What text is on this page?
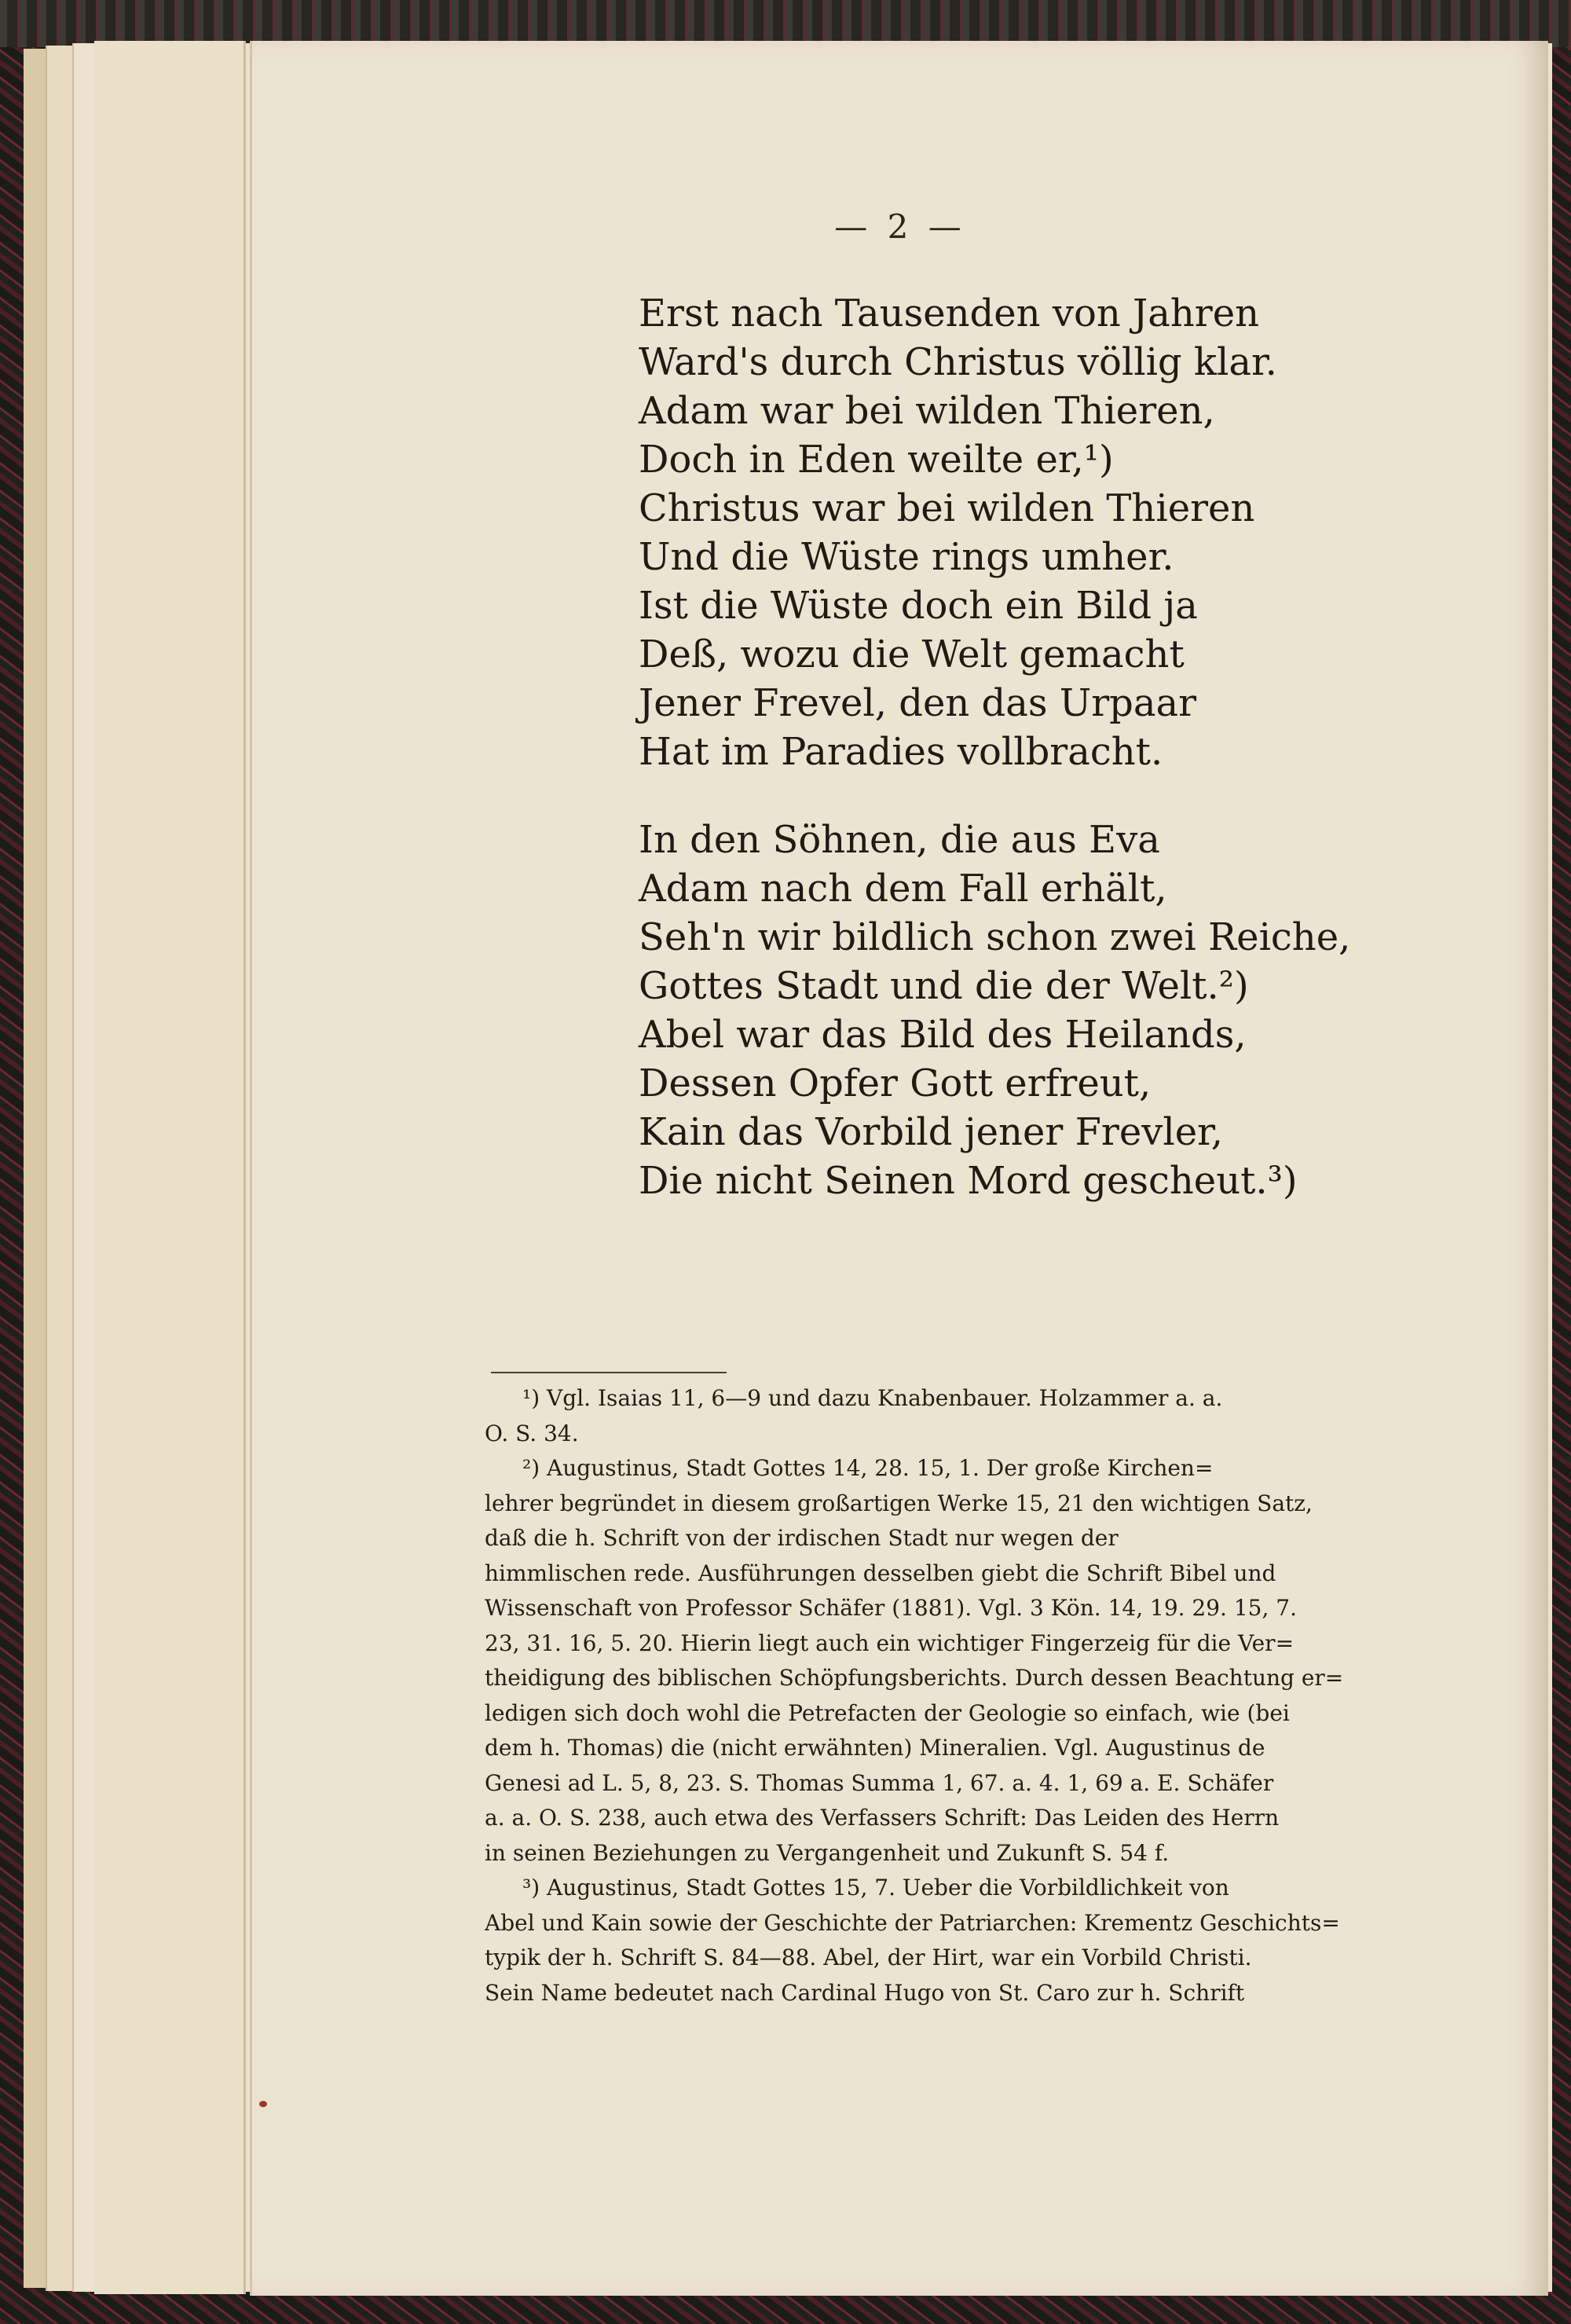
— 2 —
Erst nach Tausenden von Jahren
Ward's durch Christus völlig klar.
Adam war bei wilden Thieren,
Doch in Eden weilte er,¹)
Christus war bei wilden Thieren
Und die Wüste rings umher.
Ist die Wüste doch ein Bild ja
Deß, wozu die Welt gemacht
Jener Frevel, den das Urpaar
Hat im Paradies vollbracht.
In den Söhnen, die aus Eva
Adam nach dem Fall erhält,
Seh'n wir bildlich schon zwei Reiche,
Gottes Stadt und die der Welt.²)
Abel war das Bild des Heilands,
Dessen Opfer Gott erfreut,
Kain das Vorbild jener Frevler,
Die nicht Seinen Mord gescheut.³)
¹) Vgl. Isaias 11, 6—9 und dazu Knabenbauer. Holzammer a. a.
O. S. 34.
²) Augustinus, Stadt Gottes 14, 28. 15, 1. Der große Kirchen=
lehrer begründet in diesem großartigen Werke 15, 21 den wichtigen Satz,
daß die h. Schrift von der irdischen Stadt nur wegen der
himmlischen rede. Ausführungen desselben giebt die Schrift Bibel und
Wissenschaft von Professor Schäfer (1881). Vgl. 3 Kön. 14, 19. 29. 15, 7.
23, 31. 16, 5. 20. Hierin liegt auch ein wichtiger Fingerzeig für die Ver=
theidigung des biblischen Schöpfungsberichts. Durch dessen Beachtung er=
ledigen sich doch wohl die Petrefacten der Geologie so einfach, wie (bei
dem h. Thomas) die (nicht erwähnten) Mineralien. Vgl. Augustinus de
Genesi ad L. 5, 8, 23. S. Thomas Summa 1, 67. a. 4. 1, 69 a. E. Schäfer
a. a. O. S. 238, auch etwa des Verfassers Schrift: Das Leiden des Herrn
in seinen Beziehungen zu Vergangenheit und Zukunft S. 54 f.
³) Augustinus, Stadt Gottes 15, 7. Ueber die Vorbildlichkeit von
Abel und Kain sowie der Geschichte der Patriarchen: Krementz Geschichts=
typik der h. Schrift S. 84—88. Abel, der Hirt, war ein Vorbild Christi.
Sein Name bedeutet nach Cardinal Hugo von St. Caro zur h. Schrift
